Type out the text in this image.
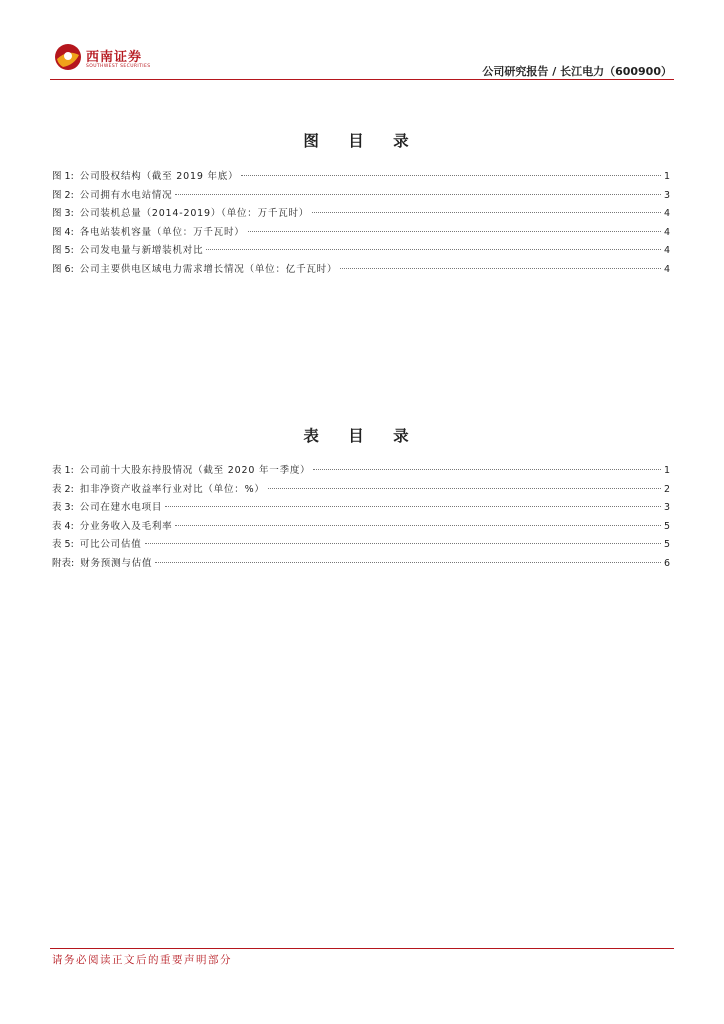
西南证券
SOUTHWEST SECURITIES	公司研究报告 / 长江电力（600900）
图 目 录
图 1: 公司股权结构（截至 2019 年底）	1
图 2: 公司拥有水电站情况	3
图 3: 公司装机总量（2014-2019）（单位：万千瓦时）	4
图 4: 各电站装机容量（单位：万千瓦时）	4
图 5: 公司发电量与新增装机对比	4
图 6: 公司主要供电区域电力需求增长情况（单位：亿千瓦时）	4
表 目 录
表 1: 公司前十大股东持股情况（截至 2020 年一季度）	1
表 2: 扣非净资产收益率行业对比（单位：%）	2
表 3: 公司在建水电项目	3
表 4: 分业务收入及毛利率	5
表 5: 可比公司估值	5
附表: 财务预测与估值	6
请务必阅读正文后的重要声明部分
